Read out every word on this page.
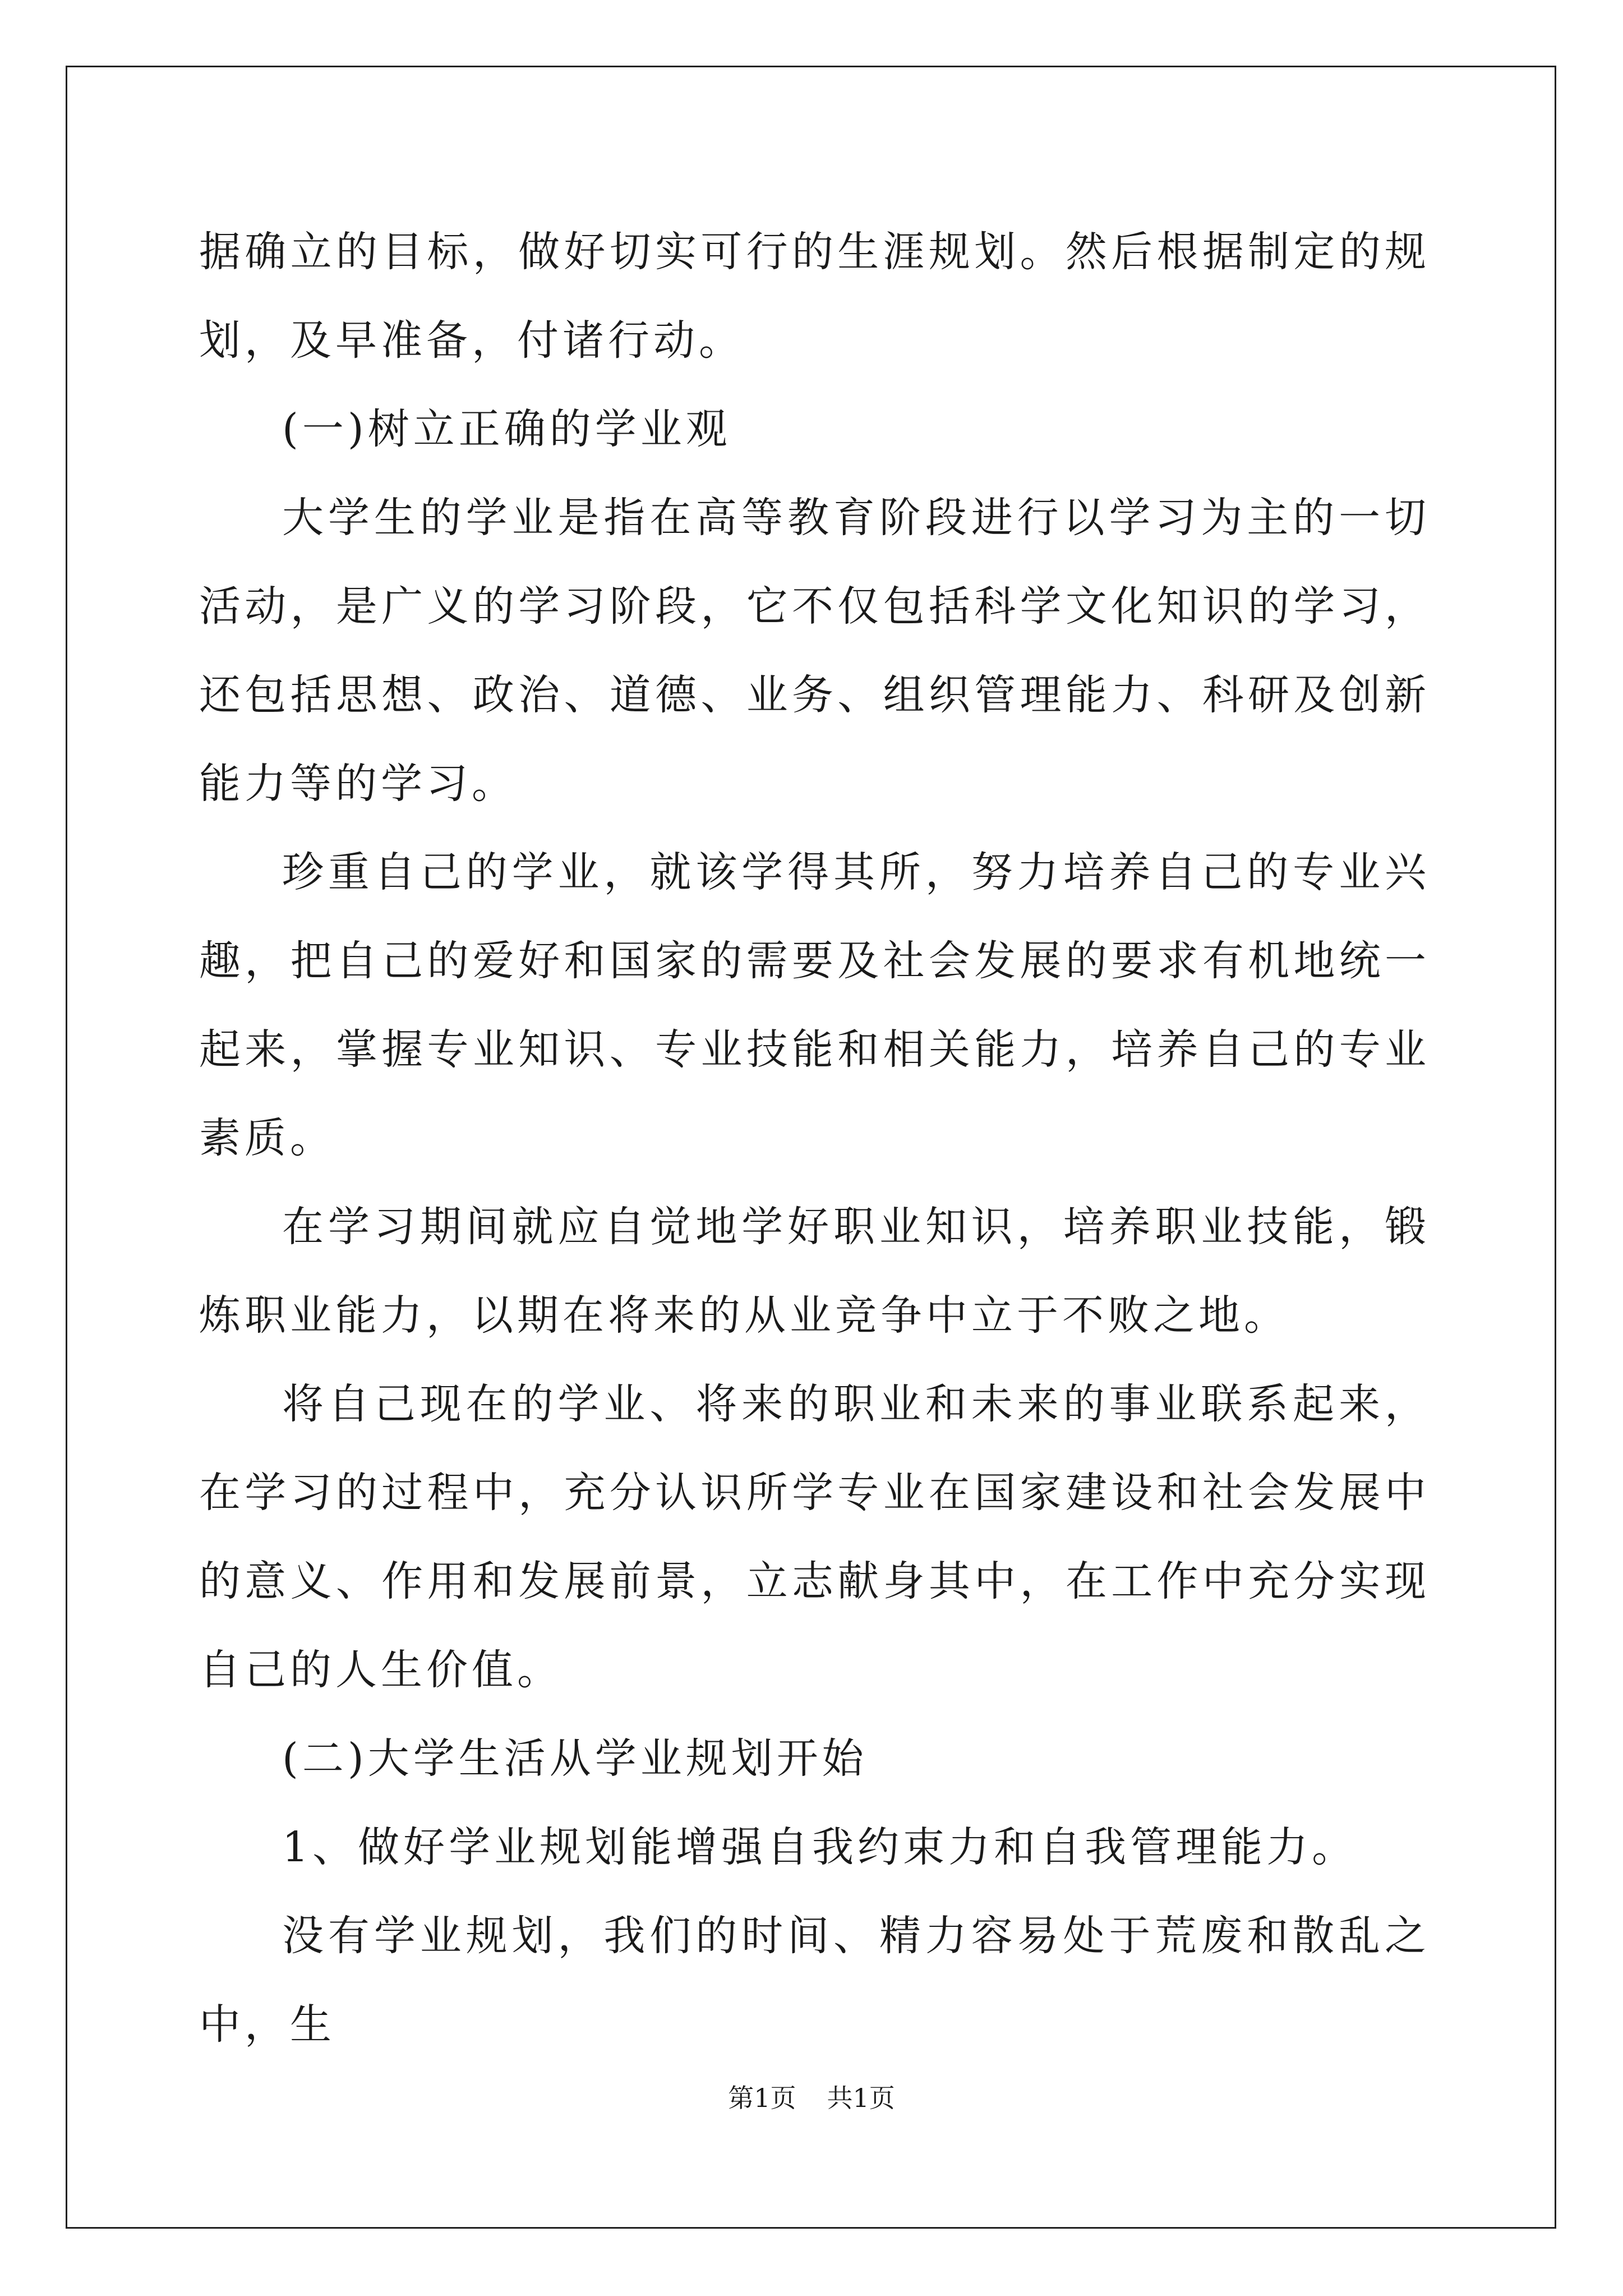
据确立的目标，做好切实可行的生涯规划。然后根据制定的规划，及早准备，付诸行动。

(一)树立正确的学业观

大学生的学业是指在高等教育阶段进行以学习为主的一切活动，是广义的学习阶段，它不仅包括科学文化知识的学习，还包括思想、政治、道德、业务、组织管理能力、科研及创新能力等的学习。

珍重自己的学业，就该学得其所，努力培养自己的专业兴趣，把自己的爱好和国家的需要及社会发展的要求有机地统一起来，掌握专业知识、专业技能和相关能力，培养自己的专业素质。

在学习期间就应自觉地学好职业知识，培养职业技能，锻炼职业能力，以期在将来的从业竞争中立于不败之地。

将自己现在的学业、将来的职业和未来的事业联系起来，在学习的过程中，充分认识所学专业在国家建设和社会发展中的意义、作用和发展前景，立志献身其中，在工作中充分实现自己的人生价值。

(二)大学生活从学业规划开始

1、做好学业规划能增强自我约束力和自我管理能力。

没有学业规划，我们的时间、精力容易处于荒废和散乱之中，生

第1页 共1页
